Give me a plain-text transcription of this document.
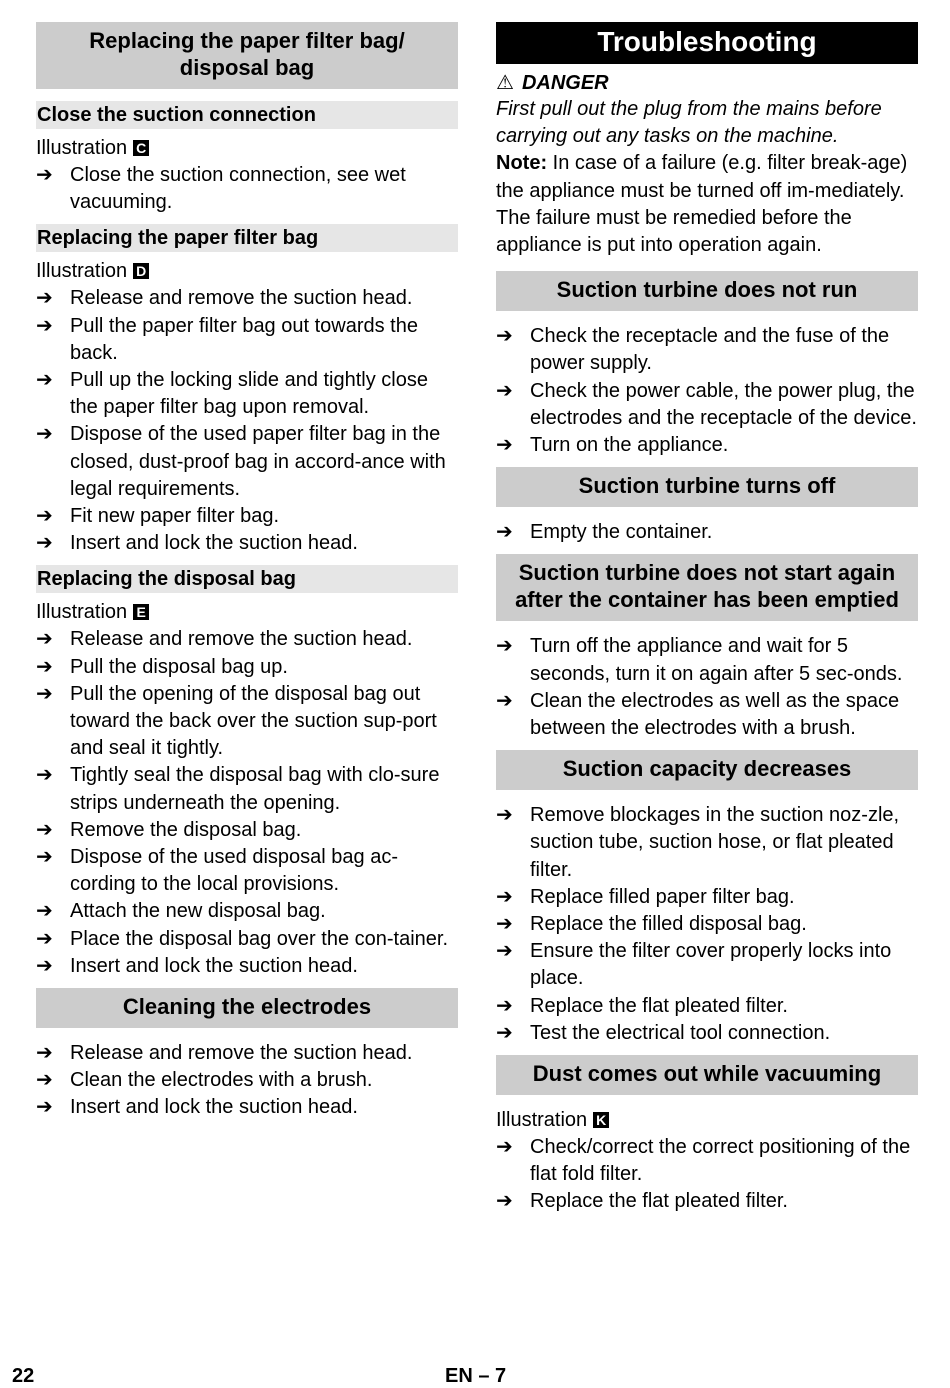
Replacing the paper filter bag/ disposal bag
Close the suction connection

Illustration C

➔ Close the suction connection, see wet vacuuming.
Replacing the paper filter bag

Illustration D

➔ Release and remove the suction head.
➔ Pull the paper filter bag out towards the back.
➔ Pull up the locking slide and tightly close the paper filter bag upon removal.
➔ Dispose of the used paper filter bag in the closed, dust-proof bag in accord-ance with legal requirements.
➔ Fit new paper filter bag.
➔ Insert and lock the suction head.
Replacing the disposal bag

Illustration E

➔ Release and remove the suction head.
➔ Pull the disposal bag up.
➔ Pull the opening of the disposal bag out toward the back over the suction sup-port and seal it tightly.
➔ Tightly seal the disposal bag with clo-sure strips underneath the opening.
➔ Remove the disposal bag.
➔ Dispose of the used disposal bag ac-cording to the local provisions.
➔ Attach the new disposal bag.
➔ Place the disposal bag over the con-tainer.
➔ Insert and lock the suction head.
Cleaning the electrodes
➔ Release and remove the suction head.
➔ Clean the electrodes with a brush.
➔ Insert and lock the suction head.
Troubleshooting

⚠ DANGER

First pull out the plug from the mains before carrying out any tasks on the machine.

Note: In case of a failure (e.g. filter break-age) the appliance must be turned off im-mediately. The failure must be remedied before the appliance is put into operation again.

Suction turbine does not run
➔ Check the receptacle and the fuse of the power supply.
➔ Check the power cable, the power plug, the electrodes and the receptacle of the device.
➔ Turn on the appliance.
Suction turbine turns off
➔ Empty the container.
Suction turbine does not start again after the container has been emptied
➔ Turn off the appliance and wait for 5 seconds, turn it on again after 5 sec-onds.
➔ Clean the electrodes as well as the space between the electrodes with a brush.
Suction capacity decreases
➔ Remove blockages in the suction noz-zle, suction tube, suction hose, or flat pleated filter.
➔ Replace filled paper filter bag.
➔ Replace the filled disposal bag.
➔ Ensure the filter cover properly locks into place.
➔ Replace the flat pleated filter.
➔ Test the electrical tool connection.
Dust comes out while vacuuming

Illustration K

➔ Check/correct the correct positioning of the flat fold filter.
➔ Replace the flat pleated filter.
22	EN – 7
